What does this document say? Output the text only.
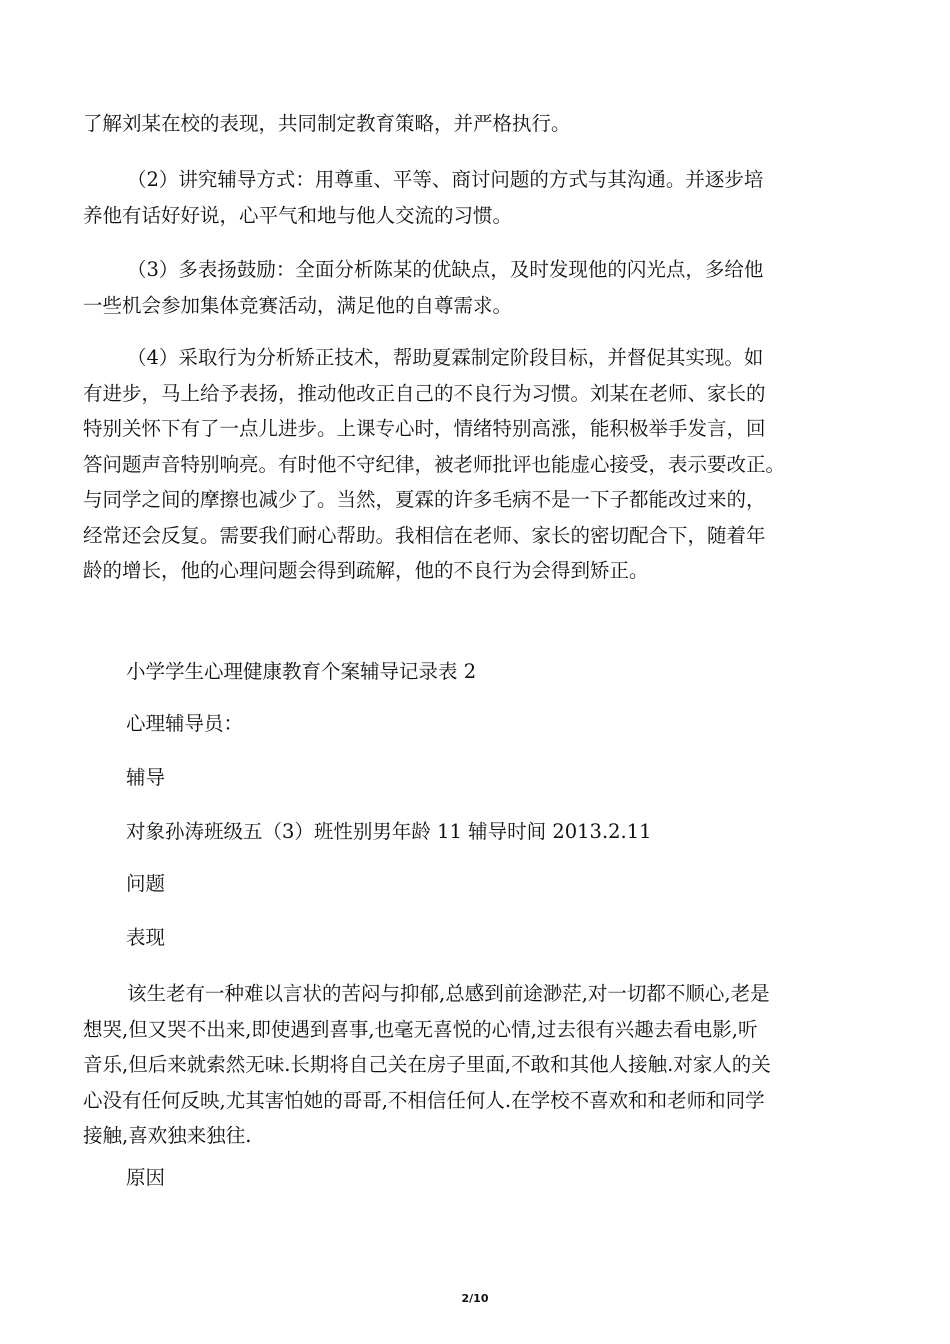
了解刘某在校的表现，共同制定教育策略，并严格执行。
（2）讲究辅导方式：用尊重、平等、商讨问题的方式与其沟通。并逐步培
养他有话好好说，心平气和地与他人交流的习惯。
（3）多表扬鼓励：全面分析陈某的优缺点，及时发现他的闪光点，多给他
一些机会参加集体竞赛活动，满足他的自尊需求。
（4）采取行为分析矫正技术，帮助夏霖制定阶段目标，并督促其实现。如
有进步，马上给予表扬，推动他改正自己的不良行为习惯。刘某在老师、家长的
特别关怀下有了一点儿进步。上课专心时，情绪特别高涨，能积极举手发言，回
答问题声音特别响亮。有时他不守纪律，被老师批评也能虚心接受，表示要改正。
与同学之间的摩擦也减少了。当然，夏霖的许多毛病不是一下子都能改过来的，
经常还会反复。需要我们耐心帮助。我相信在老师、家长的密切配合下，随着年
龄的增长，他的心理问题会得到疏解，他的不良行为会得到矫正。

小学学生心理健康教育个案辅导记录表 2

心理辅导员：

辅导

对象孙涛班级五（3）班性别男年龄 11 辅导时间 2013.2.11

问题

表现

该生老有一种难以言状的苦闷与抑郁,总感到前途渺茫,对一切都不顺心,老是
想哭,但又哭不出来,即使遇到喜事,也毫无喜悦的心情,过去很有兴趣去看电影,听
音乐,但后来就索然无味.长期将自己关在房子里面,不敢和其他人接触.对家人的关
心没有任何反映,尤其害怕她的哥哥,不相信任何人.在学校不喜欢和和老师和同学
接触,喜欢独来独往.

原因

2/10
